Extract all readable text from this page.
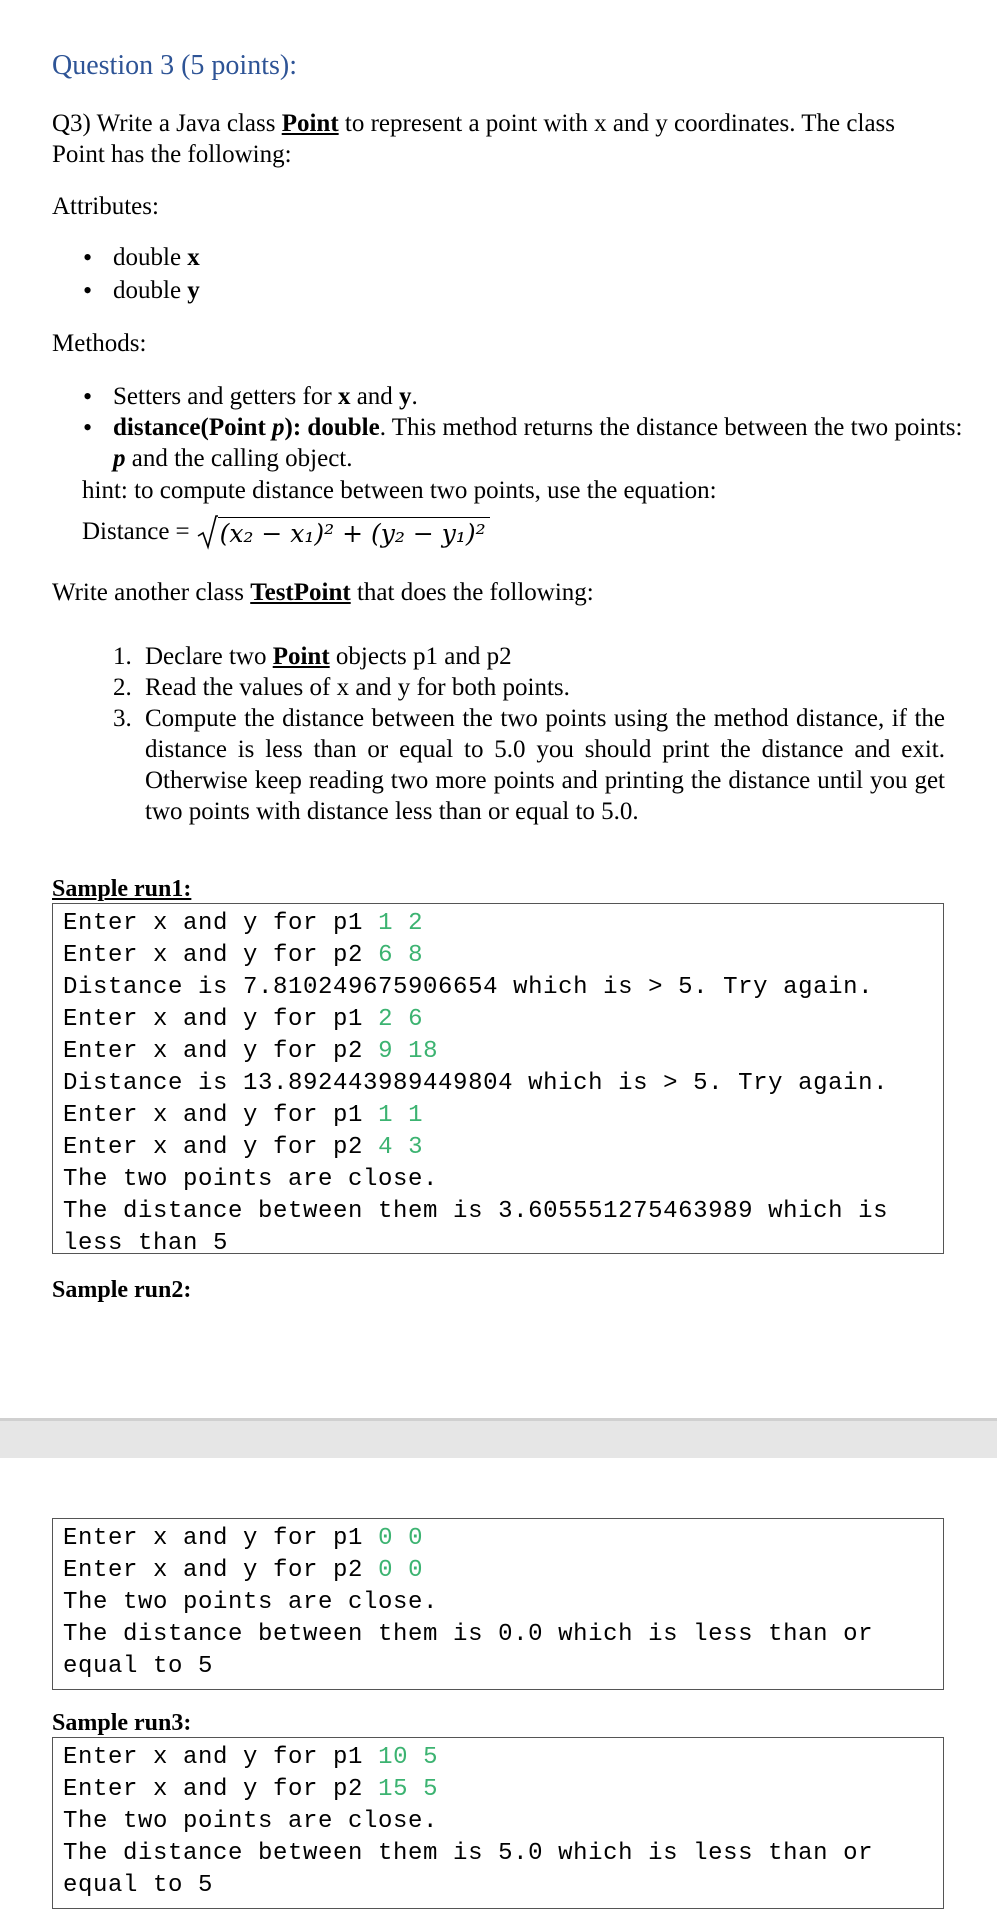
Question 3 (5 points):
Q3) Write a Java class Point to represent a point with x and y coordinates. The class Point has the following:
Attributes:
• double x
• double y
Methods:
• Setters and getters for x and y.
• distance(Point p): double. This method returns the distance between the two points: p and the calling object.
hint: to compute distance between two points, use the equation:
Distance = (x₂ − x₁)² + (y₂ − y₁)²
Write another class TestPoint that does the following:
1. Declare two Point objects p1 and p2
2. Read the values of x and y for both points.
3. Compute the distance between the two points using the method distance, if the distance is less than or equal to 5.0 you should print the distance and exit. Otherwise keep reading two more points and printing the distance until you get two points with distance less than or equal to 5.0.
Sample run1:
Enter x and y for p1 1 2
Enter x and y for p2 6 8
Distance is 7.810249675906654 which is > 5. Try again.
Enter x and y for p1 2 6
Enter x and y for p2 9 18
Distance is 13.892443989449804 which is > 5. Try again.
Enter x and y for p1 1 1
Enter x and y for p2 4 3
The two points are close.
The distance between them is 3.605551275463989 which is
less than 5
Sample run2:
Enter x and y for p1 0 0
Enter x and y for p2 0 0
The two points are close.
The distance between them is 0.0 which is less than or
equal to 5
Sample run3:
Enter x and y for p1 10 5
Enter x and y for p2 15 5
The two points are close.
The distance between them is 5.0 which is less than or
equal to 5
